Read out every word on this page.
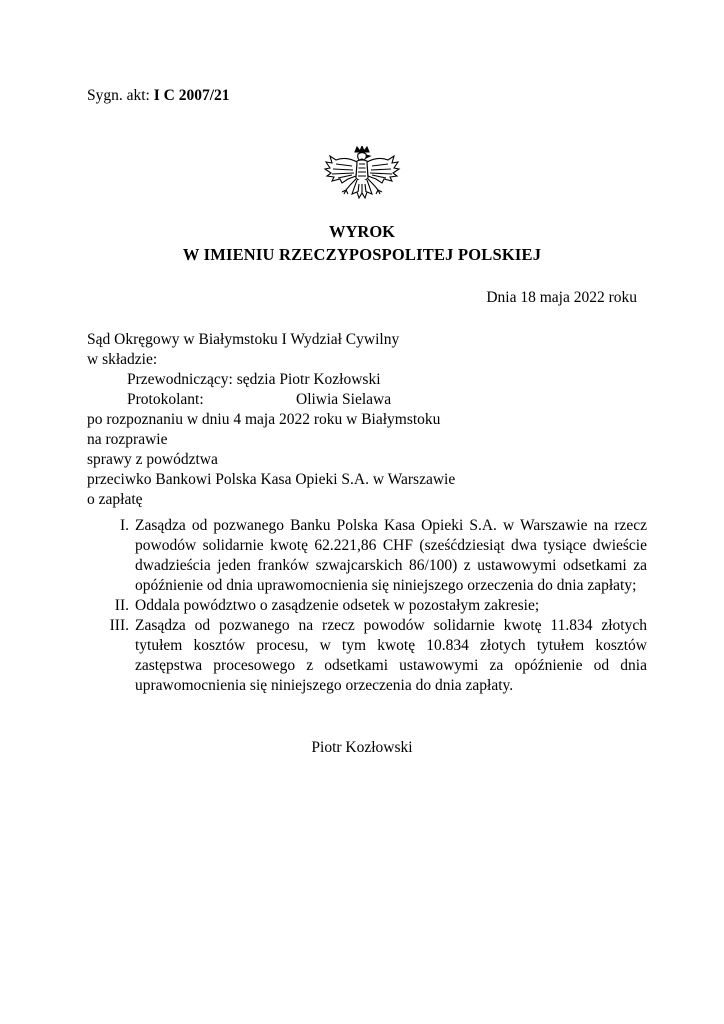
Sygn. akt: I C 2007/21
WYROK
W IMIENIU RZECZYPOSPOLITEJ POLSKIEJ
Dnia 18 maja 2022 roku
Sąd Okręgowy w Białymstoku I Wydział Cywilny
w składzie:
Przewodniczący: sędzia Piotr Kozłowski
Protokolant:	Oliwia Sielawa
po rozpoznaniu w dniu 4 maja 2022 roku w Białymstoku
na rozprawie
sprawy z powództwa
przeciwko Bankowi Polska Kasa Opieki S.A. w Warszawie
o zapłatę
I. Zasądza od pozwanego Banku Polska Kasa Opieki S.A. w Warszawie na rzecz powodów solidarnie kwotę 62.221,86 CHF (sześćdziesiąt dwa tysiące dwieście dwadzieścia jeden franków szwajcarskich 86/100) z ustawowymi odsetkami za opóźnienie od dnia uprawomocnienia się niniejszego orzeczenia do dnia zapłaty;
II. Oddala powództwo o zasądzenie odsetek w pozostałym zakresie;
III. Zasądza od pozwanego na rzecz powodów solidarnie kwotę 11.834 złotych tytułem kosztów procesu, w tym kwotę 10.834 złotych tytułem kosztów zastępstwa procesowego z odsetkami ustawowymi za opóźnienie od dnia uprawomocnienia się niniejszego orzeczenia do dnia zapłaty.
Piotr Kozłowski
